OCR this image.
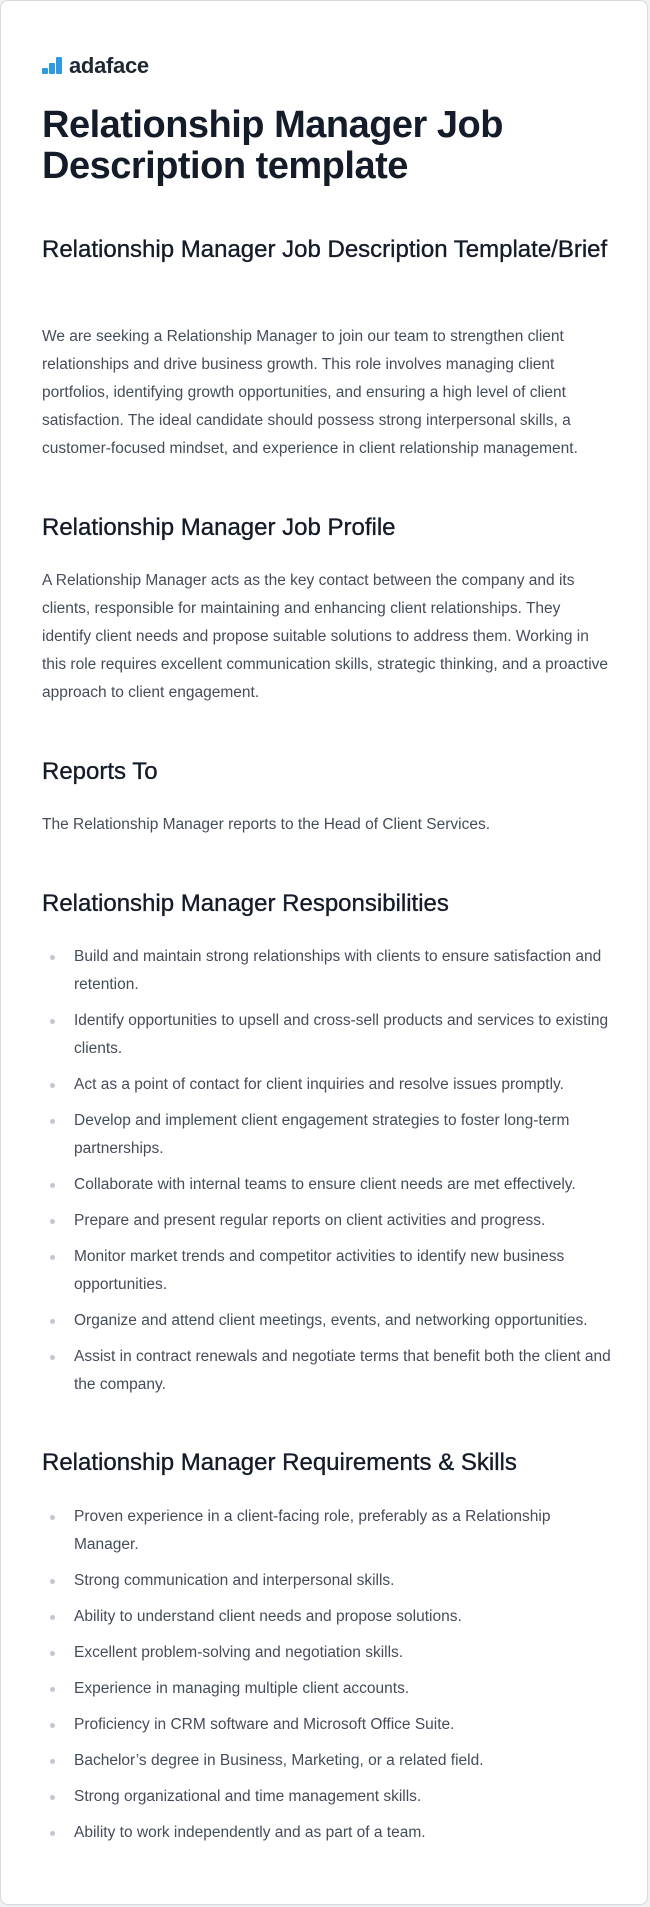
adaface
Relationship Manager Job Description template
Relationship Manager Job Description Template/Brief

We are seeking a Relationship Manager to join our team to strengthen client relationships and drive business growth. This role involves managing client portfolios, identifying growth opportunities, and ensuring a high level of client satisfaction. The ideal candidate should possess strong interpersonal skills, a customer-focused mindset, and experience in client relationship management.

Relationship Manager Job Profile

A Relationship Manager acts as the key contact between the company and its clients, responsible for maintaining and enhancing client relationships. They identify client needs and propose suitable solutions to address them. Working in this role requires excellent communication skills, strategic thinking, and a proactive approach to client engagement.

Reports To

The Relationship Manager reports to the Head of Client Services.

Relationship Manager Responsibilities
Build and maintain strong relationships with clients to ensure satisfaction and retention.
Identify opportunities to upsell and cross-sell products and services to existing clients.
Act as a point of contact for client inquiries and resolve issues promptly.
Develop and implement client engagement strategies to foster long-term partnerships.
Collaborate with internal teams to ensure client needs are met effectively.
Prepare and present regular reports on client activities and progress.
Monitor market trends and competitor activities to identify new business opportunities.
Organize and attend client meetings, events, and networking opportunities.
Assist in contract renewals and negotiate terms that benefit both the client and the company.
Relationship Manager Requirements & Skills
Proven experience in a client-facing role, preferably as a Relationship Manager.
Strong communication and interpersonal skills.
Ability to understand client needs and propose solutions.
Excellent problem-solving and negotiation skills.
Experience in managing multiple client accounts.
Proficiency in CRM software and Microsoft Office Suite.
Bachelor’s degree in Business, Marketing, or a related field.
Strong organizational and time management skills.
Ability to work independently and as part of a team.
